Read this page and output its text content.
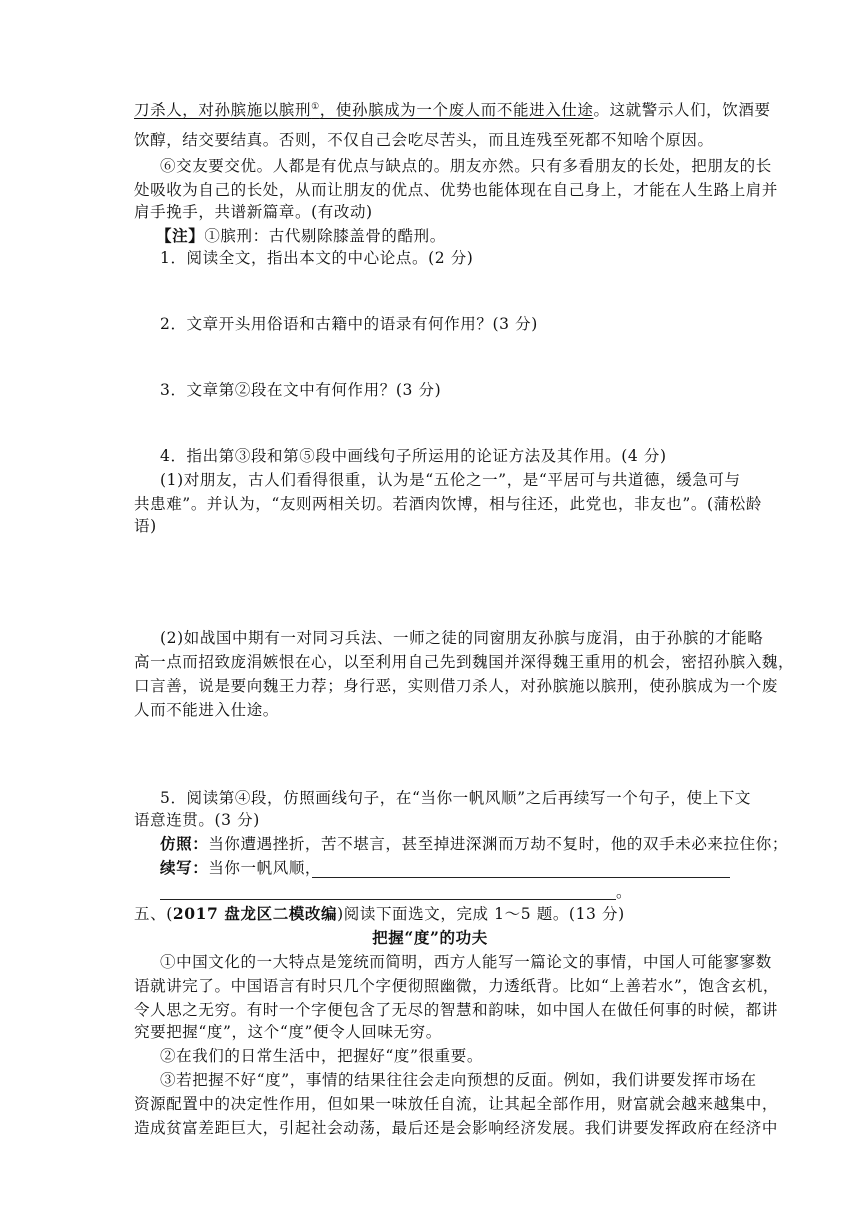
刀杀人，对孙膑施以膑刑①，使孙膑成为一个废人而不能进入仕途。这就警示人们，饮酒要
饮醇，结交要结真。否则，不仅自己会吃尽苦头，而且连残至死都不知啥个原因。
⑥交友要交优。人都是有优点与缺点的。朋友亦然。只有多看朋友的长处，把朋友的长
处吸收为自己的长处，从而让朋友的优点、优势也能体现在自己身上，才能在人生路上肩并
肩手挽手，共谱新篇章。(有改动)
【注】①膑刑：古代剔除膝盖骨的酷刑。
1．阅读全文，指出本文的中心论点。(2 分)
2．文章开头用俗语和古籍中的语录有何作用？(3 分)
3．文章第②段在文中有何作用？(3 分)
4．指出第③段和第⑤段中画线句子所运用的论证方法及其作用。(4 分)
(1)对朋友，古人们看得很重，认为是“五伦之一”，是“平居可与共道德，缓急可与
共患难”。并认为，“友则两相关切。若酒肉饮博，相与往还，此党也，非友也”。(蒲松龄
语)
(2)如战国中期有一对同习兵法、一师之徒的同窗朋友孙膑与庞涓，由于孙膑的才能略
高一点而招致庞涓嫉恨在心，以至利用自己先到魏国并深得魏王重用的机会，密招孙膑入魏，
口言善，说是要向魏王力荐；身行恶，实则借刀杀人，对孙膑施以膑刑，使孙膑成为一个废
人而不能进入仕途。
5．阅读第④段，仿照画线句子，在“当你一帆风顺”之后再续写一个句子，使上下文
语意连贯。(3 分)
仿照：当你遭遇挫折，苦不堪言，甚至掉进深渊而万劫不复时，他的双手未必来拉住你；
续写：当你一帆风顺，
。
五、(2017 盘龙区二模改编)阅读下面选文，完成 1～5 题。(13 分)
把握“度”的功夫
①中国文化的一大特点是笼统而简明，西方人能写一篇论文的事情，中国人可能寥寥数
语就讲完了。中国语言有时只几个字便彻照幽微，力透纸背。比如“上善若水”，饱含玄机，
令人思之无穷。有时一个字便包含了无尽的智慧和韵味，如中国人在做任何事的时候，都讲
究要把握“度”，这个“度”便令人回味无穷。
②在我们的日常生活中，把握好“度”很重要。
③若把握不好“度”，事情的结果往往会走向预想的反面。例如，我们讲要发挥市场在
资源配置中的决定性作用，但如果一味放任自流，让其起全部作用，财富就会越来越集中，
造成贫富差距巨大，引起社会动荡，最后还是会影响经济发展。我们讲要发挥政府在经济中
